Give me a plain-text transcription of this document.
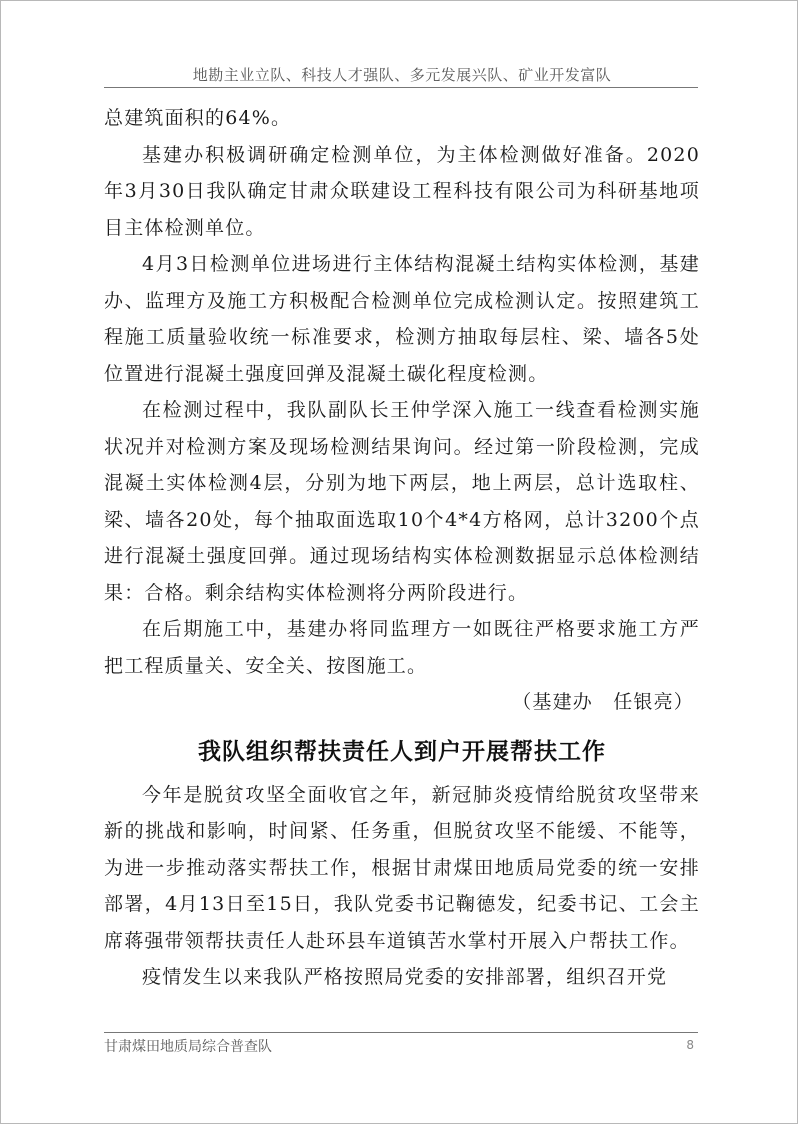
地勘主业立队、科技人才强队、多元发展兴队、矿业开发富队

总建筑面积的64%。

基建办积极调研确定检测单位，为主体检测做好准备。2020年3月30日我队确定甘肃众联建设工程科技有限公司为科研基地项目主体检测单位。

4月3日检测单位进场进行主体结构混凝土结构实体检测，基建办、监理方及施工方积极配合检测单位完成检测认定。按照建筑工程施工质量验收统一标准要求，检测方抽取每层柱、梁、墙各5处位置进行混凝土强度回弹及混凝土碳化程度检测。

在检测过程中，我队副队长王仲学深入施工一线查看检测实施状况并对检测方案及现场检测结果询问。经过第一阶段检测，完成混凝土实体检测4层，分别为地下两层，地上两层，总计选取柱、梁、墙各20处，每个抽取面选取10个4*4方格网，总计3200个点进行混凝土强度回弹。通过现场结构实体检测数据显示总体检测结果：合格。剩余结构实体检测将分两阶段进行。

在后期施工中，基建办将同监理方一如既往严格要求施工方严把工程质量关、安全关、按图施工。

（基建办　任银亮）

我队组织帮扶责任人到户开展帮扶工作

今年是脱贫攻坚全面收官之年，新冠肺炎疫情给脱贫攻坚带来新的挑战和影响，时间紧、任务重，但脱贫攻坚不能缓、不能等，为进一步推动落实帮扶工作，根据甘肃煤田地质局党委的统一安排部署，4月13日至15日，我队党委书记鞠德发，纪委书记、工会主席蒋强带领帮扶责任人赴环县车道镇苦水掌村开展入户帮扶工作。

疫情发生以来我队严格按照局党委的安排部署，组织召开党

甘肃煤田地质局综合普查队	8
